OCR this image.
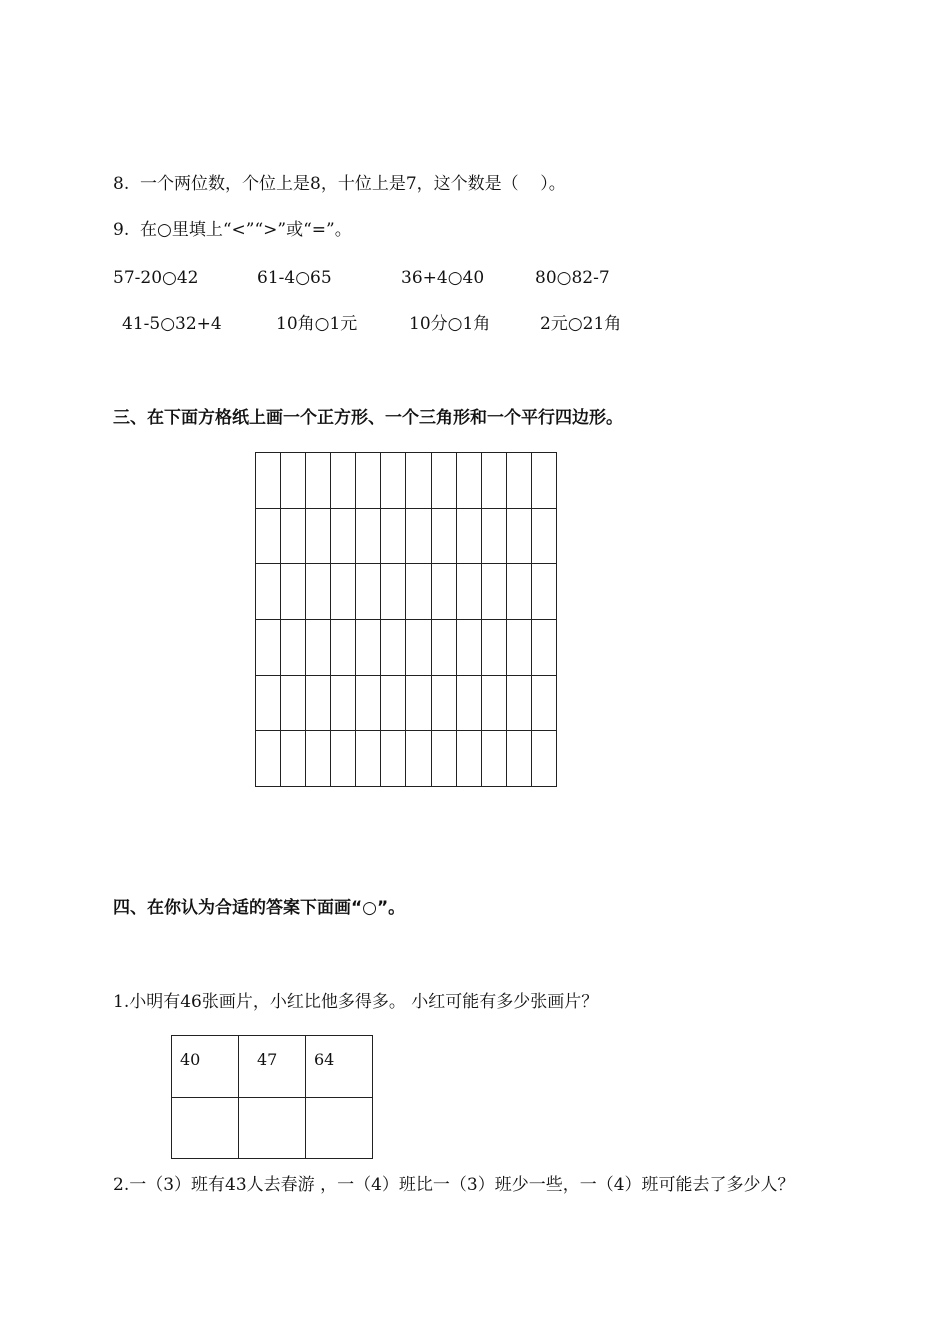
8.  一个两位数，个位上是8，十位上是7，这个数是（    ）。
9.  在○里填上“<”“>”或“=”。
57-20○42	61-4○65	36+4○40	80○82-7
41-5○32+4	10角○1元	10分○1角	2元○21角
三、在下面方格纸上画一个正方形、一个三角形和一个平行四边形。

四、在你认为合适的答案下面画“○”。
1.小明有46张画片，小红比他多得多。 小红可能有多少张画片？
40	47	64

2.一（3）班有43人去春游 ，一（4）班比一（3）班少一些，一（4）班可能去了多少人？
